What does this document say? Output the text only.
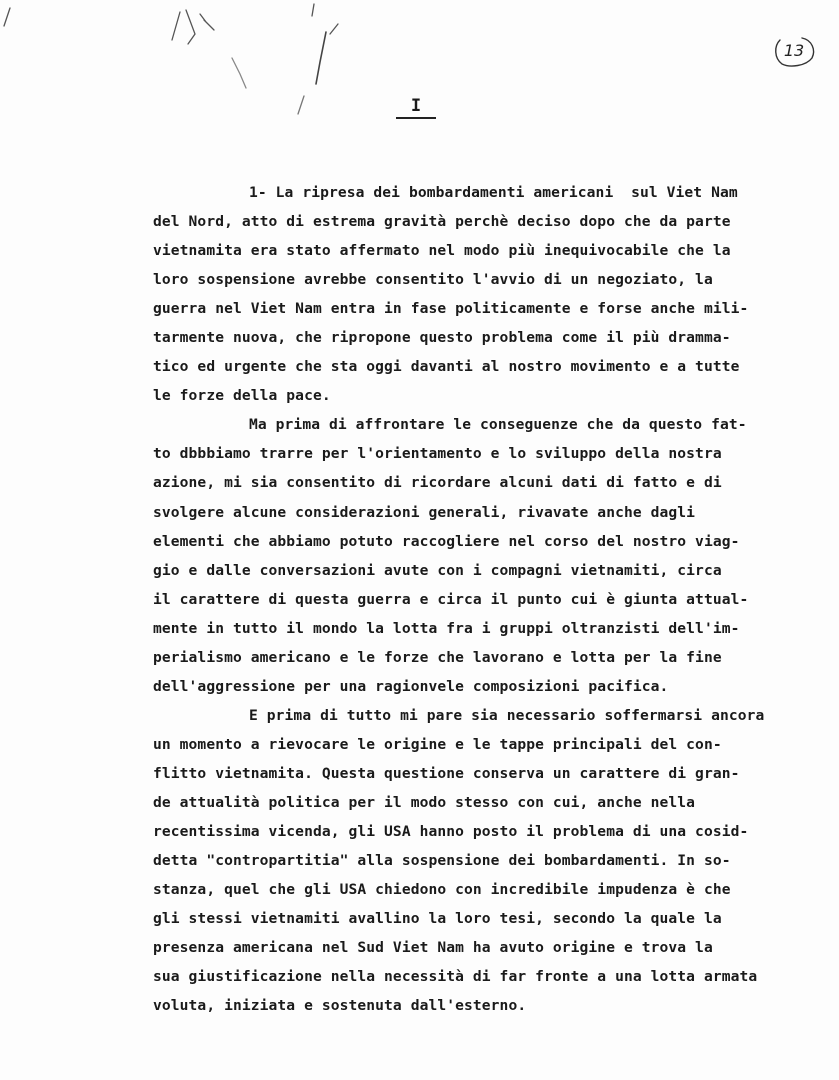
13
I
1- La ripresa dei bombardamenti americani  sul Viet Nam
del Nord, atto di estrema gravità perchè deciso dopo che da parte
vietnamita era stato affermato nel modo più inequivocabile che la
loro sospensione avrebbe consentito l'avvio di un negoziato, la
guerra nel Viet Nam entra in fase politicamente e forse anche mili-
tarmente nuova, che ripropone questo problema come il più dramma-
tico ed urgente che sta oggi davanti al nostro movimento e a tutte
le forze della pace.
Ma prima di affrontare le conseguenze che da questo fat-
to dbbbiamo trarre per l'orientamento e lo sviluppo della nostra
azione, mi sia consentito di ricordare alcuni dati di fatto e di
svolgere alcune considerazioni generali, rivavate anche dagli
elementi che abbiamo potuto raccogliere nel corso del nostro viag-
gio e dalle conversazioni avute con i compagni vietnamiti, circa
il carattere di questa guerra e circa il punto cui è giunta attual-
mente in tutto il mondo la lotta fra i gruppi oltranzisti dell'im-
perialismo americano e le forze che lavorano e lotta per la fine
dell'aggressione per una ragionvele composizioni pacifica.
E prima di tutto mi pare sia necessario soffermarsi ancora
un momento a rievocare le origine e le tappe principali del con-
flitto vietnamita. Questa questione conserva un carattere di gran-
de attualità politica per il modo stesso con cui, anche nella
recentissima vicenda, gli USA hanno posto il problema di una cosid-
detta "contropartitia" alla sospensione dei bombardamenti. In so-
stanza, quel che gli USA chiedono con incredibile impudenza è che
gli stessi vietnamiti avallino la loro tesi, secondo la quale la
presenza americana nel Sud Viet Nam ha avuto origine e trova la
sua giustificazione nella necessità di far fronte a una lotta armata
voluta, iniziata e sostenuta dall'esterno.
